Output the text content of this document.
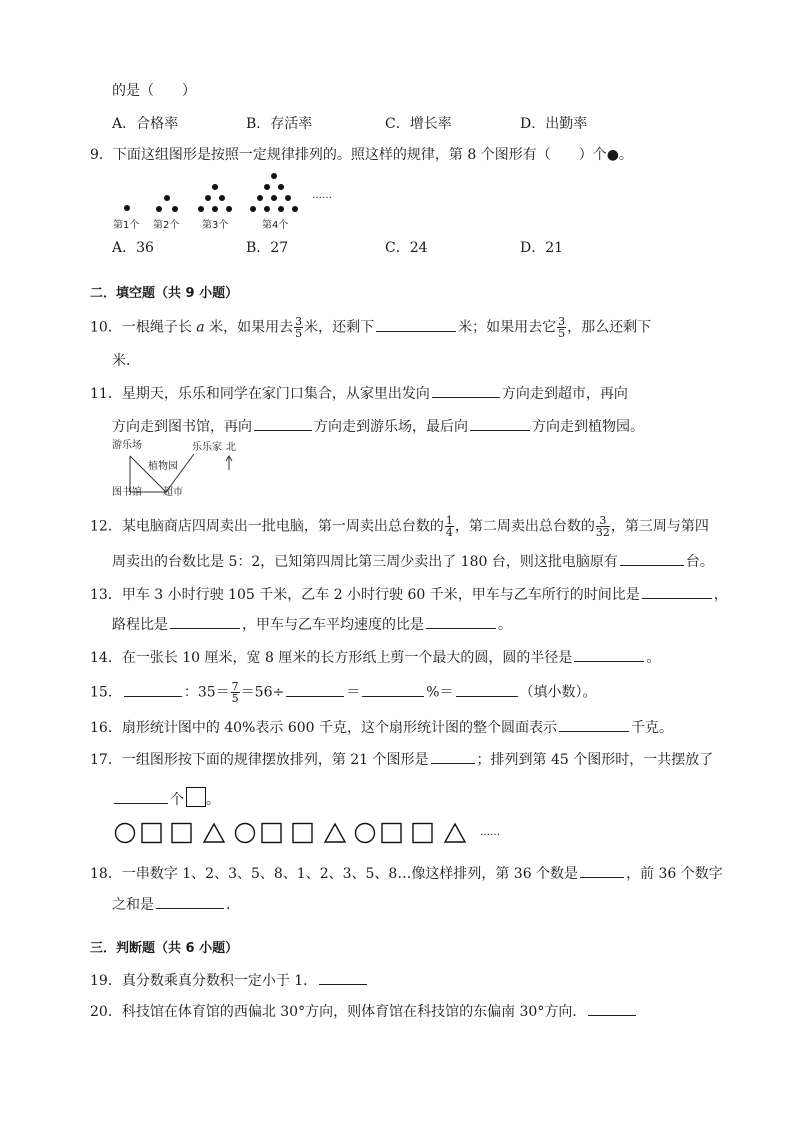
的是（　　）
A．合格率	B．存活率	C．增长率	D．出勤率
9．下面这组图形是按照一定规律排列的。照这样的规律，第 8 个图形有（　　）个●。
……
第1个 第2个 第3个	第4个
A．36	B．27	C．24	D．21
二．填空题（共 9 小题）
10．一根绳子长 a 米，如果用去 $\frac{3}{5}$ 米，还剩下	米；如果用去它 $\frac{3}{5}$ ，那么还剩下
米.
11．星期天，乐乐和同学在家门口集合，从家里出发向	方向走到超市，再向
方向走到图书馆，再向	方向走到游乐场，最后向	方向走到植物园。
游乐场
植物园
乐乐家 北
图书馆 超市
12．某电脑商店四周卖出一批电脑，第一周卖出总台数的 $\frac{1}{4}$ ，第二周卖出总台数的 $\frac{3}{32}$ ，第三周与第四
周卖出的台数比是 5：2，已知第四周比第三周少卖出了 180 台，则这批电脑原有	台。
13．甲车 3 小时行驶 105 千米，乙车 2 小时行驶 60 千米，甲车与乙车所行的时间比是	，
路程比是	，甲车与乙车平均速度的比是	。
14．在一张长 10 厘米，宽 8 厘米的长方形纸上剪一个最大的圆，圆的半径是	。
15．	：$35= \frac{7}{5} =56\div$	＝	%＝	（填小数）。
16．扇形统计图中的 40%表示 600 千克，这个扇形统计图的整个圆面表示	千克。
17．一组图形按下面的规律摆放排列，第 21 个图形是	；排列到第 45 个图形时，一共摆放了
个 。
……
18．一串数字 1、2、3、5、8、1、2、3、5、8…像这样排列，第 36 个数是	，前 36 个数字
之和是	.
三．判断题（共 6 小题）
19．真分数乘真分数积一定小于 1．
20．科技馆在体育馆的西偏北 30°方向，则体育馆在科技馆的东偏南 30°方向．
